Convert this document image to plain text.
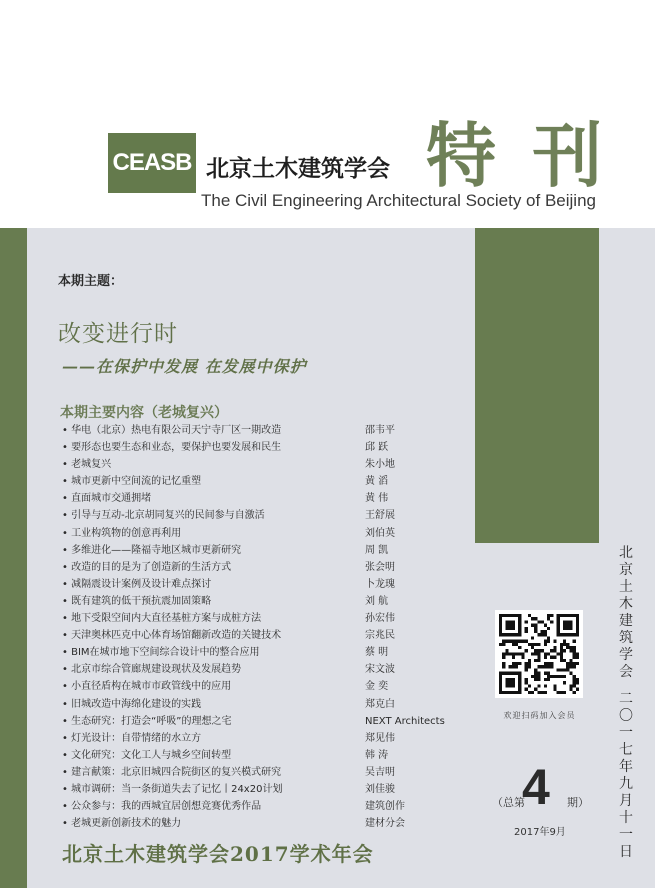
CEASB 北京土木建筑学会
The Civil Engineering Architectural Society of Beijing
特 刊
本期主题：
改变进行时
——在保护中发展 在发展中保护
本期主要内容（老城复兴）
• 华电（北京）热电有限公司天宁寺厂区一期改造	邵韦平
• 要形态也要生态和业态，要保护也要发展和民生	邱 跃
• 老城复兴	朱小地
• 城市更新中空间流的记忆重塑	黄 滔
• 直面城市交通拥堵	黄 伟
• 引导与互动-北京胡同复兴的民间参与自激活	王舒展
• 工业构筑物的创意再利用	刘伯英
• 多维进化——隆福寺地区城市更新研究	周 凯
• 改造的目的是为了创造新的生活方式	张会明
• 减隔震设计案例及设计难点探讨	卜龙瑰
• 既有建筑的低干预抗震加固策略	刘 航
• 地下受限空间内大直径基桩方案与成桩方法	孙宏伟
• 天津奥林匹克中心体育场馆翻新改造的关键技术	宗兆民
• BIM在城市地下空间综合设计中的整合应用	蔡 明
• 北京市综合管廊规建设现状及发展趋势	宋文波
• 小直径盾构在城市市政管线中的应用	金 奕
• 旧城改造中海绵化建设的实践	郑克白
• 生态研究：打造会“呼吸”的理想之宅	NEXT Architects
• 灯光设计：自带情绪的水立方	郑见伟
• 文化研究：文化工人与城乡空间转型	韩 涛
• 建言献策：北京旧城四合院街区的复兴模式研究	吴吉明
• 城市调研：当一条街道失去了记忆丨24x20计划	刘佳骏
• 公众参与：我的西城宜居创想竞赛优秀作品	建筑创作
• 老城更新创新技术的魅力	建材分会
欢迎扫码加入会员
（总第
4 期）
2017年9月
北
京
土
木
建
筑
学
会
二
〇
一
七
年
九
月
十
一
日
北京土木建筑学会2017学术年会
